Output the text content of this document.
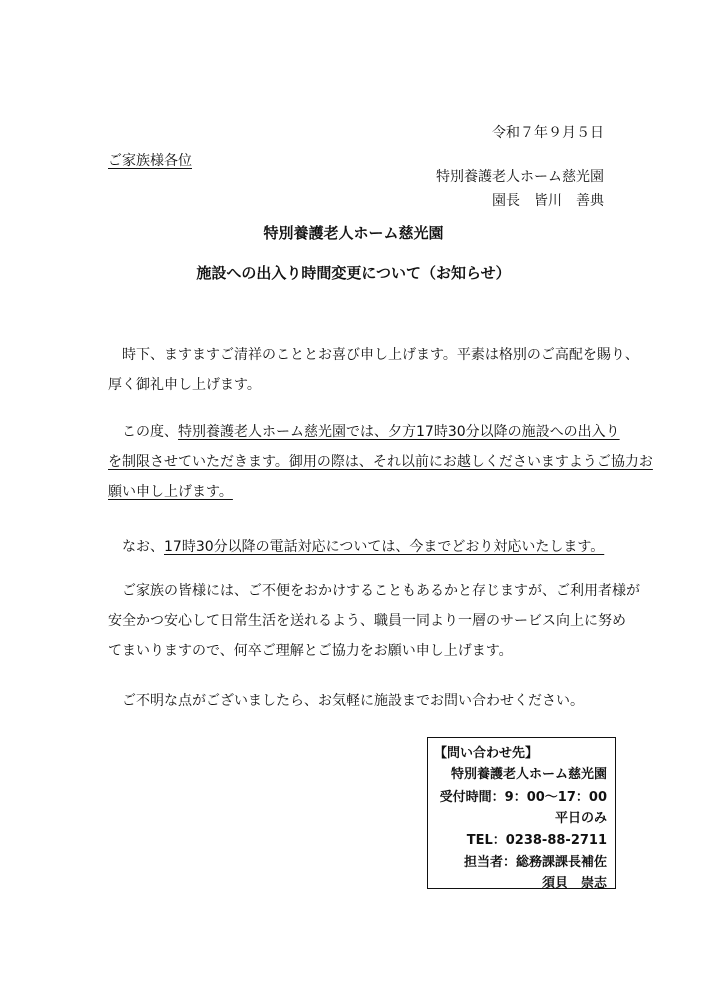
令和７年９月５日
ご家族様各位
特別養護老人ホーム慈光園
園長　皆川　善典
特別養護老人ホーム慈光園
施設への出入り時間変更について（お知らせ）
　時下、ますますご清祥のこととお喜び申し上げます。平素は格別のご高配を賜り、
厚く御礼申し上げます。
　この度、特別養護老人ホーム慈光園では、夕方17時30分以降の施設への出入り
を制限させていただきます。御用の際は、それ以前にお越しくださいますようご協力お
願い申し上げます。
　なお、17時30分以降の電話対応については、今までどおり対応いたします。
　ご家族の皆様には、ご不便をおかけすることもあるかと存じますが、ご利用者様が
安全かつ安心して日常生活を送れるよう、職員一同より一層のサービス向上に努め
てまいりますので、何卒ご理解とご協力をお願い申し上げます。
　ご不明な点がございましたら、お気軽に施設までお問い合わせください。
【問い合わせ先】
特別養護老人ホーム慈光園
受付時間：9：00～17：00
平日のみ
TEL：0238-88-2711
担当者：総務課課長補佐
須貝　崇志
